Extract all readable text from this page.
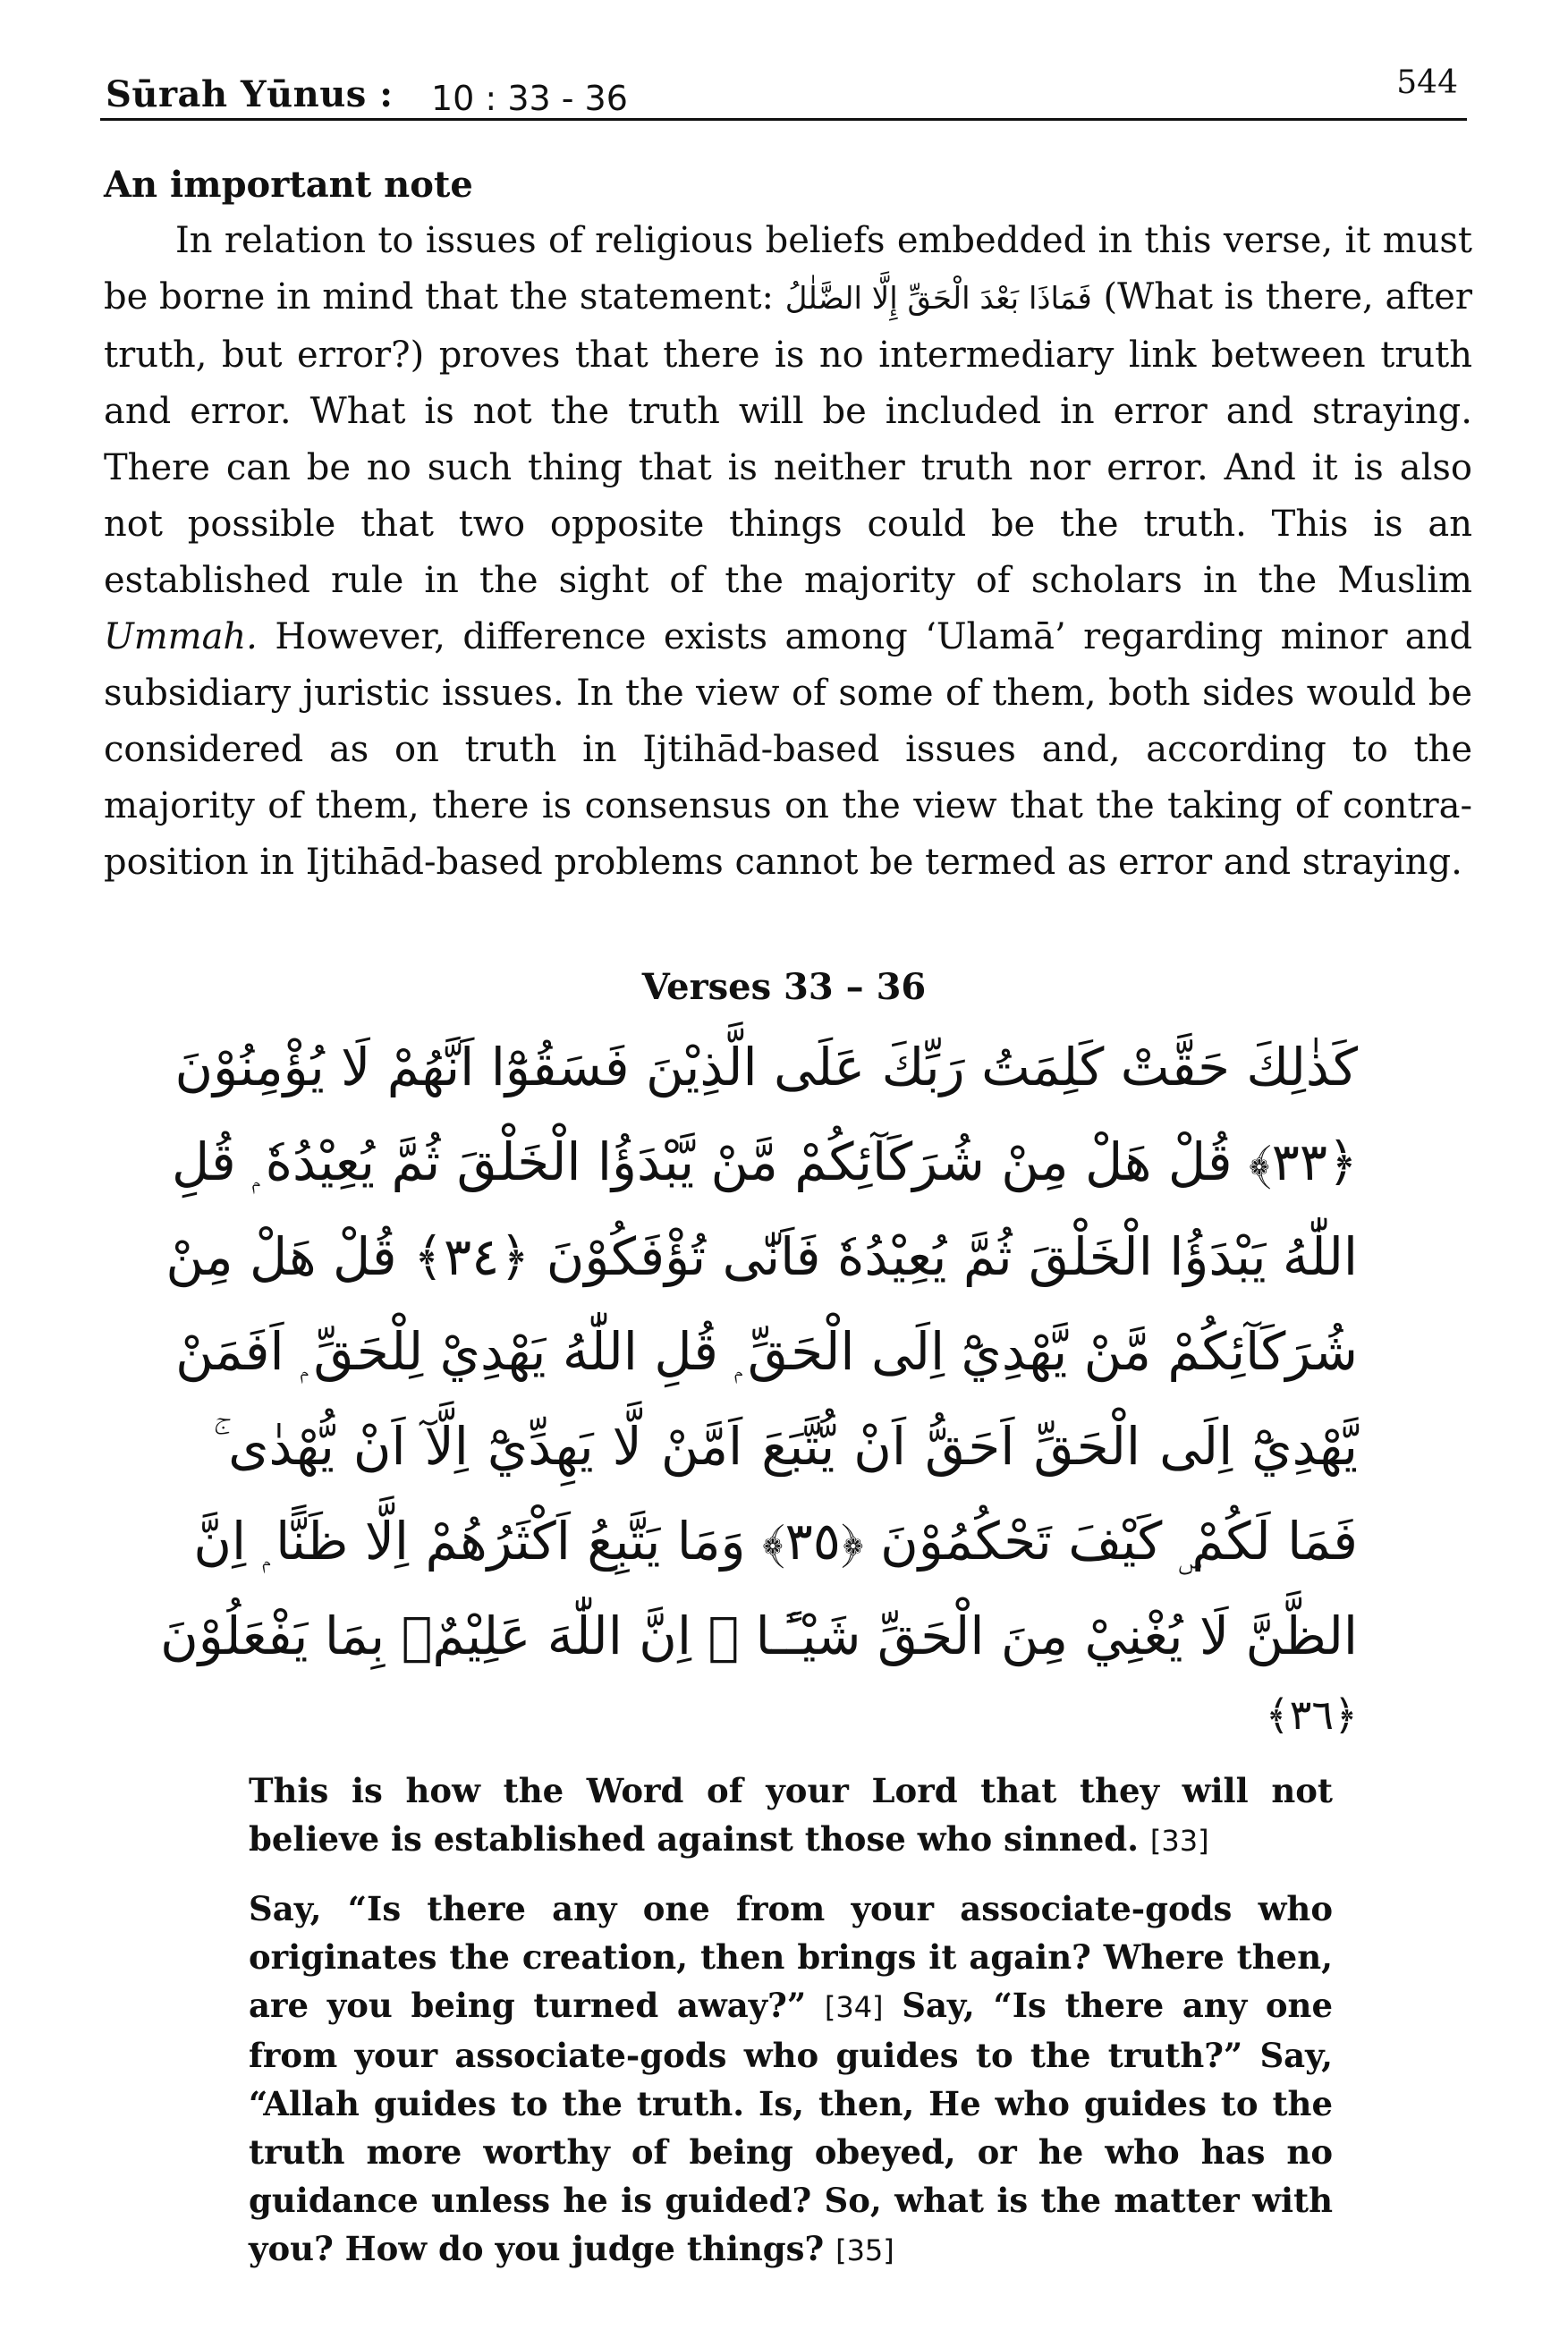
Sūrah Yūnus : 10 : 33 - 36	544
An important note

In relation to issues of religious beliefs embedded in this verse, it must be borne in mind that the statement: فَمَاذَا بَعْدَ الْحَقِّ إِلَّا الضَّلٰلُ (What is there, after truth, but error?) proves that there is no intermediary link between truth and error. What is not the truth will be included in error and straying. There can be no such thing that is neither truth nor error. And it is also not possible that two opposite things could be the truth. This is an established rule in the sight of the majority of scholars in the Muslim Ummah. However, difference exists among ‘Ulamā’ regarding minor and subsidiary juristic issues. In the view of some of them, both sides would be considered as on truth in Ijtihād-based issues and, according to the majority of them, there is consensus on the view that the taking of contra-position in Ijtihād-based problems cannot be termed as error and straying.

Verses 33 – 36
كَذٰلِكَ حَقَّتْ كَلِمَتُ رَبِّكَ عَلَى الَّذِيْنَ فَسَقُوْٓا اَنَّهُمْ لَا يُؤْمِنُوْنَ
﴿٣٣﴾ قُلْ هَلْ مِنْ شُرَكَآئِكُمْ مَّنْ يَّبْدَؤُا الْخَلْقَ ثُمَّ يُعِيْدُهٗ ۭ قُلِ
اللّٰهُ يَبْدَؤُا الْخَلْقَ ثُمَّ يُعِيْدُهٗ فَاَنّٰى تُؤْفَكُوْنَ ﴿٣٤﴾ قُلْ هَلْ مِنْ
شُرَكَآئِكُمْ مَّنْ يَّهْدِيْٓ اِلَى الْحَقِّ ۭ قُلِ اللّٰهُ يَهْدِيْ لِلْحَقِّ ۭ اَفَمَنْ
يَّهْدِيْٓ اِلَى الْحَقِّ اَحَقُّ اَنْ يُّتَّبَعَ اَمَّنْ لَّا يَهِدِّيْٓ اِلَّآ اَنْ يُّهْدٰى ۚ
فَمَا لَكُمْ ۣ كَيْفَ تَحْكُمُوْنَ ﴿٣٥﴾ وَمَا يَتَّبِعُ اَكْثَرُهُمْ اِلَّا ظَنًّا ۭ اِنَّ
الظَّنَّ لَا يُغْنِيْ مِنَ الْحَقِّ شَيْـًٔـا ۭ اِنَّ اللّٰهَ عَلِيْمٌۢ بِمَا يَفْعَلُوْنَ
﴿٣٦﴾

This is how the Word of your Lord that they will not believe is established against those who sinned. [33]

Say, “Is there any one from your associate-gods who originates the creation, then brings it again? Where then, are you being turned away?” [34] Say, “Is there any one from your associate-gods who guides to the truth?” Say, “Allah guides to the truth. Is, then, He who guides to the truth more worthy of being obeyed, or he who has no guidance unless he is guided? So, what is the matter with you? How do you judge things? [35]
